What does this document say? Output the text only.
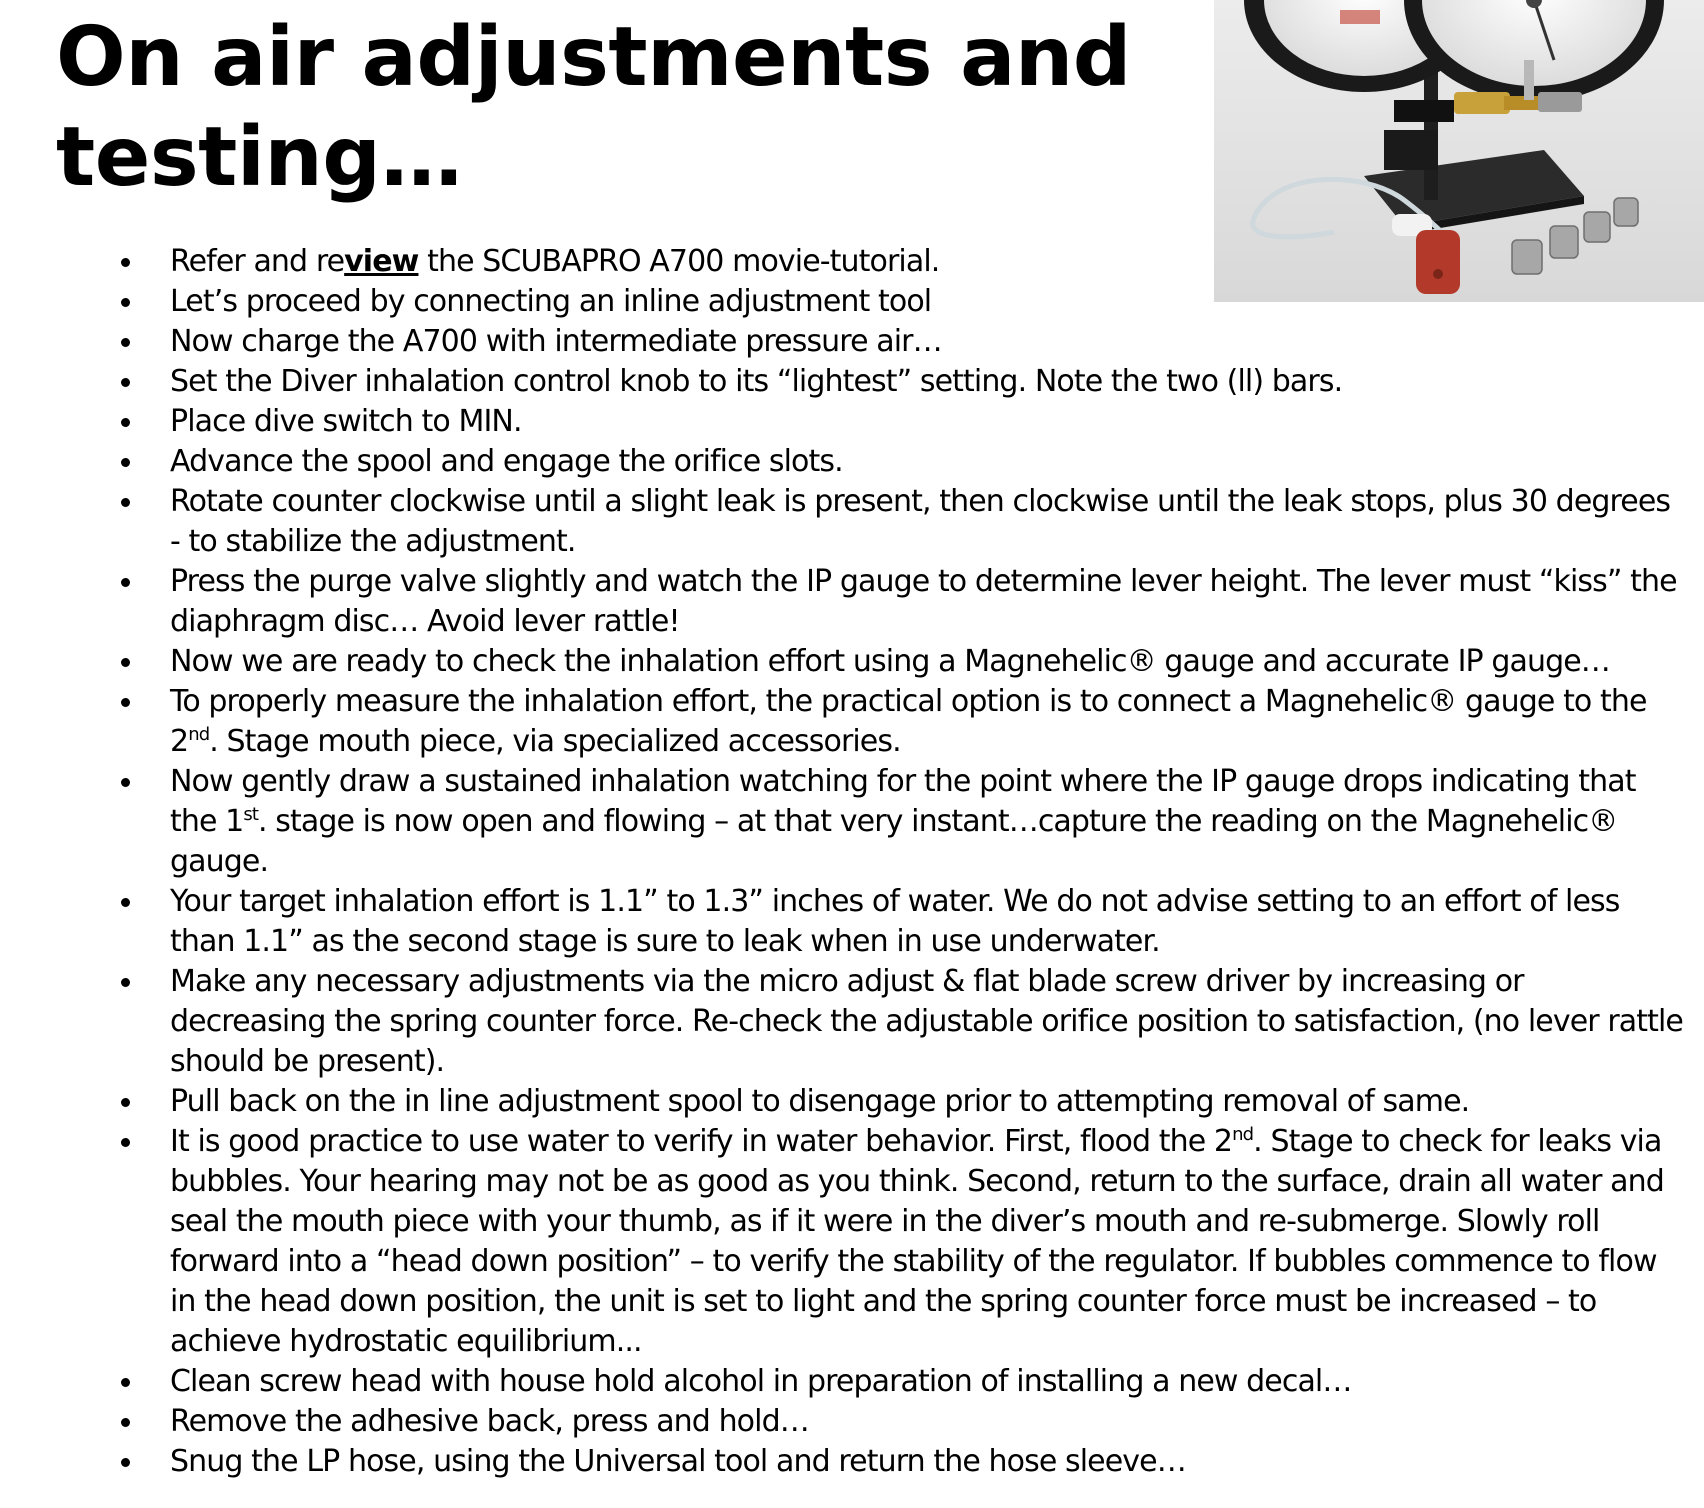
On air adjustments and testing…
Refer and review the SCUBAPRO A700 movie-tutorial.
Let’s proceed by connecting an inline adjustment tool
Now charge the A700 with intermediate pressure air…
Set the Diver inhalation control knob to its “lightest” setting. Note the two (ll) bars.
Place dive switch to MIN.
Advance the spool and engage the orifice slots.
Rotate counter clockwise until a slight leak is present, then clockwise until the leak stops, plus 30 degrees - to stabilize the adjustment.
Press the purge valve slightly and watch the IP gauge to determine lever height. The lever must “kiss” the diaphragm disc… Avoid lever rattle!
Now we are ready to check the inhalation effort using a Magnehelic® gauge and accurate IP gauge…
To properly measure the inhalation effort, the practical option is to connect a Magnehelic® gauge to the 2nd. Stage mouth piece, via specialized accessories.
Now gently draw a sustained inhalation watching for the point where the IP gauge drops indicating that the 1st. stage is now open and flowing – at that very instant…capture the reading on the Magnehelic® gauge.
Your target inhalation effort is 1.1” to 1.3” inches of water. We do not advise setting to an effort of less than 1.1” as the second stage is sure to leak when in use underwater.
Make any necessary adjustments via the micro adjust & flat blade screw driver by increasing or decreasing the spring counter force. Re-check the adjustable orifice position to satisfaction, (no lever rattle should be present).
Pull back on the in line adjustment spool to disengage prior to attempting removal of same.
It is good practice to use water to verify in water behavior. First, flood the 2nd. Stage to check for leaks via bubbles. Your hearing may not be as good as you think. Second, return to the surface, drain all water and seal the mouth piece with your thumb, as if it were in the diver’s mouth and re-submerge. Slowly roll forward into a “head down position” – to verify the stability of the regulator. If bubbles commence to flow in the head down position, the unit is set to light and the spring counter force must be increased – to achieve hydrostatic equilibrium...
Clean screw head with house hold alcohol in preparation of installing a new decal…
Remove the adhesive back, press and hold…
Snug the LP hose, using the Universal tool and return the hose sleeve…
